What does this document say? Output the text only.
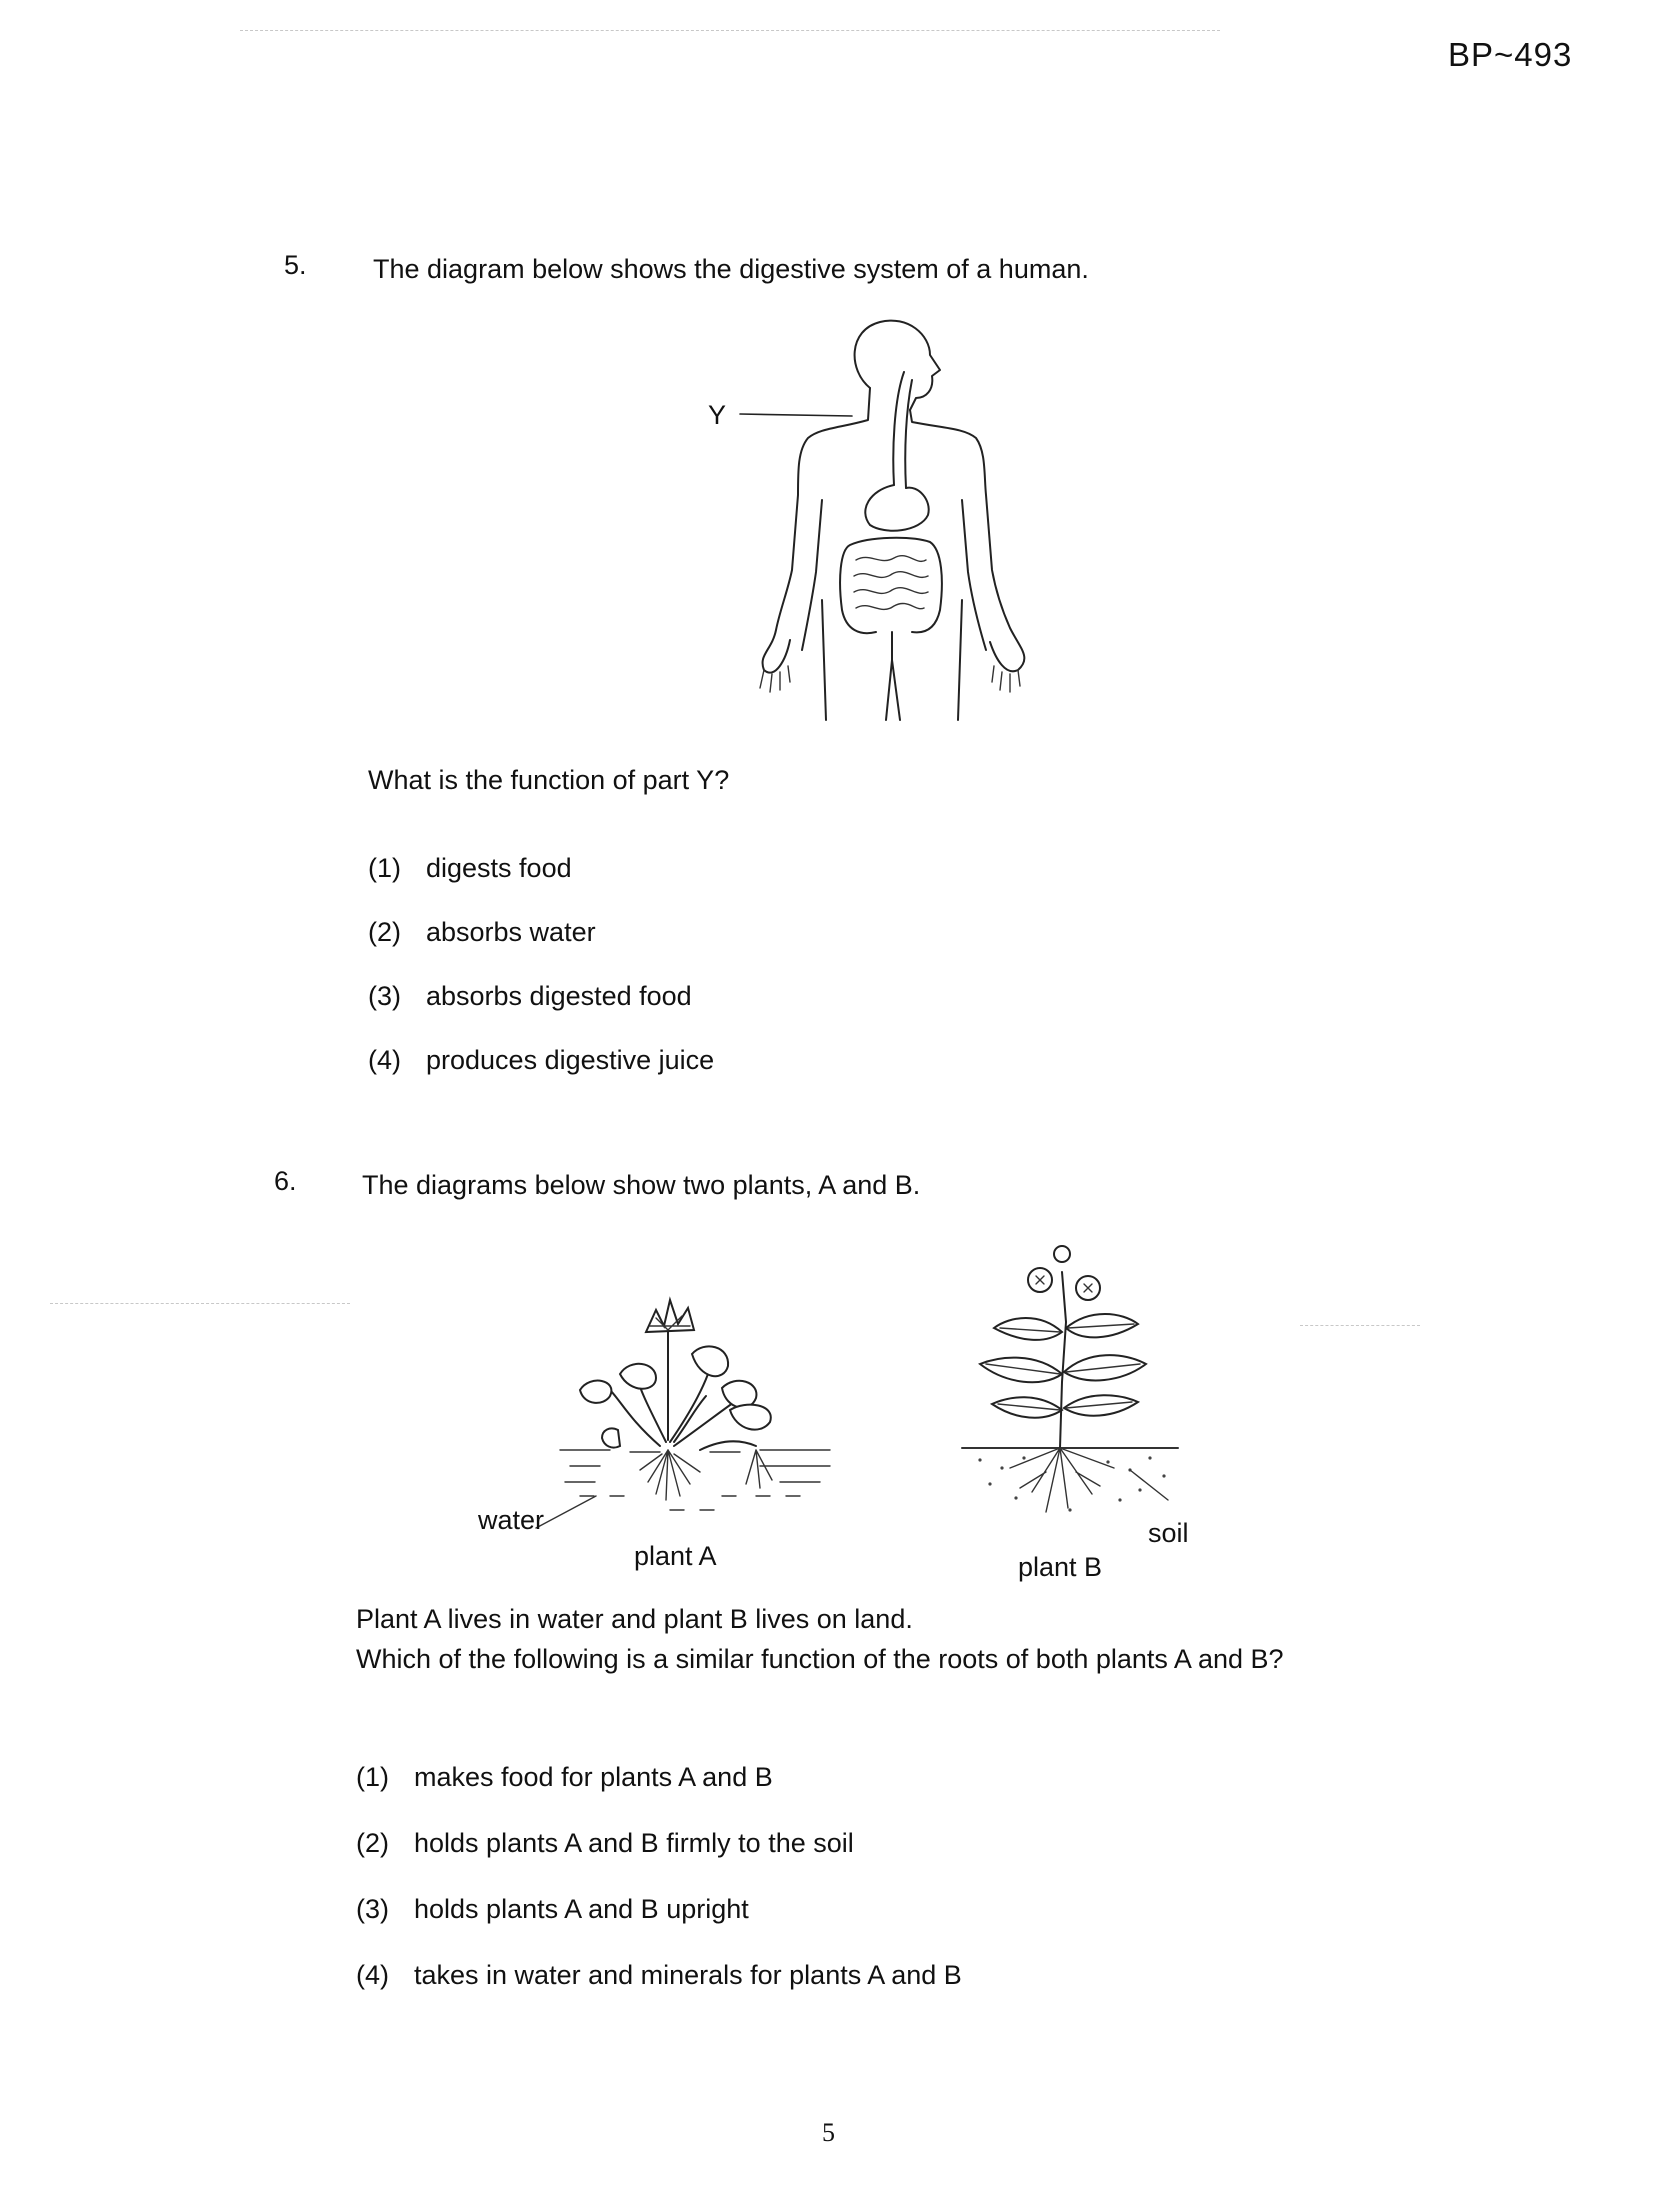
BP~493
5. The diagram below shows the digestive system of a human.
Y
What is the function of part Y?
(1) digests food
(2) absorbs water
(3) absorbs digested food
(4) produces digestive juice
6. The diagrams below show two plants, A and B.
water
plant A
soil
plant B
Plant A lives in water and plant B lives on land.
Which of the following is a similar function of the roots of both plants A and B?
(1) makes food for plants A and B
(2) holds plants A and B firmly to the soil
(3) holds plants A and B upright
(4) takes in water and minerals for plants A and B
5
